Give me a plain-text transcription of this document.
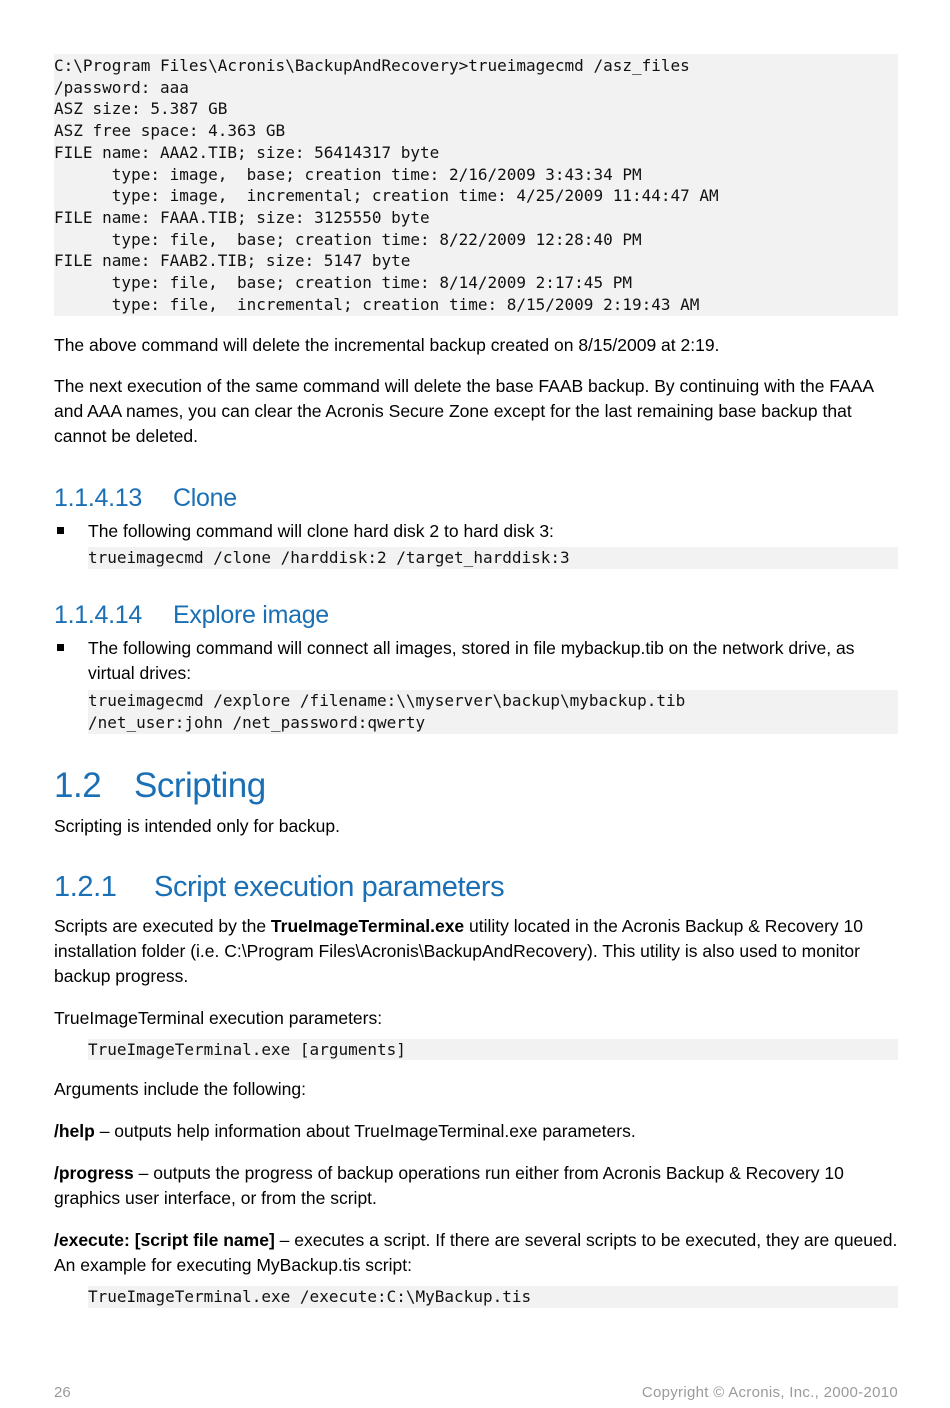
C:\Program Files\Acronis\BackupAndRecovery>trueimagecmd /asz_files
/password: aaa
ASZ size: 5.387 GB
ASZ free space: 4.363 GB
FILE name: AAA2.TIB; size: 56414317 byte
type: image,  base; creation time: 2/16/2009 3:43:34 PM
type: image,  incremental; creation time: 4/25/2009 11:44:47 AM
FILE name: FAAA.TIB; size: 3125550 byte
type: file,  base; creation time: 8/22/2009 12:28:40 PM
FILE name: FAAB2.TIB; size: 5147 byte
type: file,  base; creation time: 8/14/2009 2:17:45 PM
type: file,  incremental; creation time: 8/15/2009 2:19:43 AM

The above command will delete the incremental backup created on 8/15/2009 at 2:19.

The next execution of the same command will delete the base FAAB backup. By continuing with the FAAA and AAA names, you can clear the Acronis Secure Zone except for the last remaining base backup that cannot be deleted.

1.1.4.13 Clone

The following command will clone hard disk 2 to hard disk 3:

trueimagecmd /clone /harddisk:2 /target_harddisk:3
1.1.4.14 Explore image

The following command will connect all images, stored in file mybackup.tib on the network drive, as virtual drives:

trueimagecmd /explore /filename:\\myserver\backup\mybackup.tib
/net_user:john /net_password:qwerty
1.2 Scripting

Scripting is intended only for backup.

1.2.1 Script execution parameters

Scripts are executed by the TrueImageTerminal.exe utility located in the Acronis Backup & Recovery 10 installation folder (i.e. C:\Program Files\Acronis\BackupAndRecovery). This utility is also used to monitor backup progress.

TrueImageTerminal execution parameters:

TrueImageTerminal.exe [arguments]

Arguments include the following:

/help – outputs help information about TrueImageTerminal.exe parameters.

/progress – outputs the progress of backup operations run either from Acronis Backup & Recovery 10 graphics user interface, or from the script.

/execute: [script file name] – executes a script. If there are several scripts to be executed, they are queued. An example for executing MyBackup.tis script:

TrueImageTerminal.exe /execute:C:\MyBackup.tis
26	Copyright © Acronis, Inc., 2000-2010
